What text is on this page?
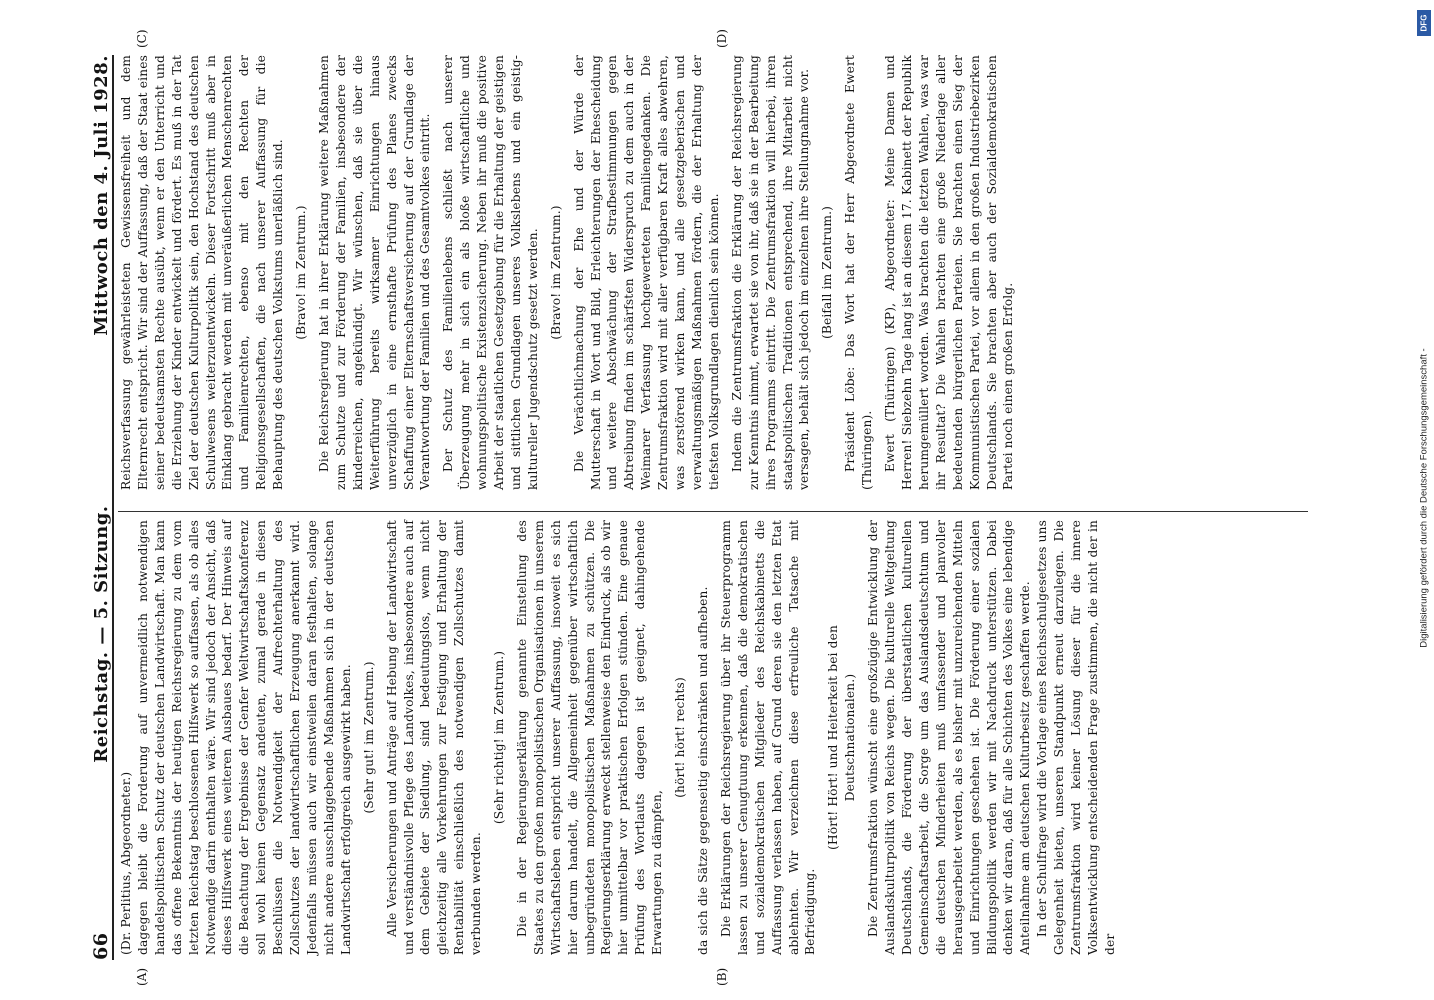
66
Reichstag. — 5. Sitzung.
Mittwoch den 4. Juli 1928.
(A)	(B)
(C)	(D)

(Dr. Perlitius, Abgeordneter.) dagegen bleibt die Forderung auf unvermeidlich notwendigen handelspolitischen Schutz der deutschen Landwirtschaft. Man kann das offene Bekenntnis der heutigen Reichsregierung zu dem vom letzten Reichstag beschlossenen Hilfswerk so auffassen, als ob alles Notwendige darin enthalten wäre. Wir sind jedoch der Ansicht, daß dieses Hilfswerk eines weiteren Ausbaues bedarf. Der Hinweis auf die Beachtung der Ergebnisse der Genfer Weltwirtschaftskonferenz soll wohl keinen Gegensatz andeuten, zumal gerade in diesen Beschlüssen die Notwendigkeit der Aufrechterhaltung des Zollschutzes der landwirtschaftlichen Erzeugung anerkannt wird. Jedenfalls müssen auch wir einstweilen daran festhalten, solange nicht andere ausschlaggebende Maßnahmen sich in der deutschen Landwirtschaft erfolgreich ausgewirkt haben. (Sehr gut! im Zentrum.) Alle Versicherungen und Anträge auf Hebung der Landwirtschaft und verständnisvolle Pflege des Landvolkes, insbesondere auch auf dem Gebiete der Siedlung, sind bedeutungslos, wenn nicht gleichzeitig alle Vorkehrungen zur Festigung und Erhaltung der Rentabilität einschließlich des notwendigen Zollschutzes damit verbunden werden.

(Sehr richtig! im Zentrum.) Die in der Regierungserklärung genannte Einstellung des Staates zu den großen monopolistischen Organisationen in unserem Wirtschaftsleben entspricht unserer Auffassung, insoweit es sich hier darum handelt, die Allgemeinheit gegenüber wirtschaftlich unbegründeten monopolistischen Maßnahmen zu schützen. Die Regierungserklärung erweckt stellenweise den Eindruck, als ob wir hier unmittelbar vor praktischen Erfolgen stünden. Eine genaue Prüfung des Wortlauts dagegen ist geeignet, dahingehende Erwartungen zu dämpfen,

(hört! hört! rechts) da sich die Sätze gegenseitig einschränken und aufheben. Die Erklärungen der Reichsregierung über ihr Steuerprogramm lassen zu unserer Genugtuung erkennen, daß die demokratischen und sozialdemokratischen Mitglieder des Reichskabinetts die Auffassung verlassen haben, auf Grund deren sie den letzten Etat ablehnten. Wir verzeichnen diese erfreuliche Tatsache mit Befriedigung.

(Hört! Hört! und Heiterkeit bei den Deutschnationalen.) Die Zentrumsfraktion wünscht eine großzügige Entwicklung der Auslandskulturpolitik von Reichs wegen. Die kulturelle Weltgeltung Deutschlands, die Förderung der überstaatlichen kulturellen Gemeinschaftsarbeit, die Sorge um das Auslandsdeutschtum und die deutschen Minderheiten muß umfassender und planvoller herausgearbeitet werden, als es bisher mit unzureichenden Mitteln und Einrichtungen geschehen ist. Die Förderung einer sozialen Bildungspolitik werden wir mit Nachdruck unterstützen. Dabei denken wir daran, daß für alle Schichten des Volkes eine lebendige Anteilnahme am deutschen Kulturbesitz geschaffen werde. In der Schulfrage wird die Vorlage eines Reichsschulgesetzes uns Gelegenheit bieten, unseren Standpunkt erneut darzulegen. Die Zentrumsfraktion wird keiner Lösung dieser für die innere Volksentwicklung entscheidenden Frage zustimmen, die nicht der in der

Reichsverfassung gewährleisteten Gewissensfreiheit und dem Elternrecht entspricht. Wir sind der Auffassung, daß der Staat eines seiner bedeutsamsten Rechte ausübt, wenn er den Unterricht und die Erziehung der Kinder entwickelt und fördert. Es muß in der Tat Ziel der deutschen Kulturpolitik sein, den Hochstand des deutschen Schulwesens weiterzuentwickeln. Dieser Fortschritt muß aber in Einklang gebracht werden mit unveräußerlichen Menschenrechten und Familienrechten, ebenso mit den Rechten der Religionsgesellschaften, die nach unserer Auffassung für die Behauptung des deutschen Volkstums unerläßlich sind. (Bravo! im Zentrum.) Die Reichsregierung hat in ihrer Erklärung weitere Maßnahmen zum Schutze und zur Förderung der Familien, insbesondere der kinderreichen, angekündigt. Wir wünschen, daß sie über die Weiterführung bereits wirksamer Einrichtungen hinaus unverzüglich in eine ernsthafte Prüfung des Planes zwecks Schaffung einer Elternschaftsversicherung auf der Grundlage der Verantwortung der Familien und des Gesamtvolkes eintritt. Der Schutz des Familienlebens schließt nach unserer Überzeugung mehr in sich ein als bloße wirtschaftliche und wohnungspolitische Existenzsicherung. Neben ihr muß die positive Arbeit der staatlichen Gesetzgebung für die Erhaltung der geistigen und sittlichen Grundlagen unseres Volkslebens und ein geistig-kultureller Jugendschutz gesetzt werden. (Bravo! im Zentrum.) Die Verächtlichmachung der Ehe und der Würde der Mutterschaft in Wort und Bild, Erleichterungen der Ehescheidung und weitere Abschwächung der Strafbestimmungen gegen Abtreibung finden im schärfsten Widerspruch zu dem auch in der Weimarer Verfassung hochgewerteten Familiengedanken. Die Zentrumsfraktion wird mit aller verfügbaren Kraft alles abwehren, was zerstörend wirken kann, und alle gesetzgeberischen und verwaltungsmäßigen Maßnahmen fördern, die der Erhaltung der tiefsten Volksgrundlagen dienlich sein können. Indem die Zentrumsfraktion die Erklärung der Reichsregierung zur Kenntnis nimmt, erwartet sie von ihr, daß sie in der Bearbeitung ihres Programms eintritt. Die Zentrumsfraktion will hierbei, ihren staatspolitischen Traditionen entsprechend, ihre Mitarbeit nicht versagen, behält sich jedoch im einzelnen ihre Stellungnahme vor. (Beifall im Zentrum.) Präsident Löbe: Das Wort hat der Herr Abgeordnete Ewert (Thüringen). Ewert (Thüringen) (KP), Abgeordneter: Meine Damen und Herren! Siebzehn Tage lang ist an diesem 17. Kabinett der Republik herumgemüllert worden. Was brachten die letzten Wahlen, was war ihr Resultat? Die Wahlen brachten eine große Niederlage aller bedeutenden bürgerlichen Parteien. Sie brachten einen Sieg der Kommunistischen Partei, vor allem in den großen Industriebezirken Deutschlands. Sie brachten aber auch der Sozialdemokratischen Partei noch einen großen Erfolg.

DFG
Digitalisierung gefördert durch die Deutsche Forschungsgemeinschaft -
